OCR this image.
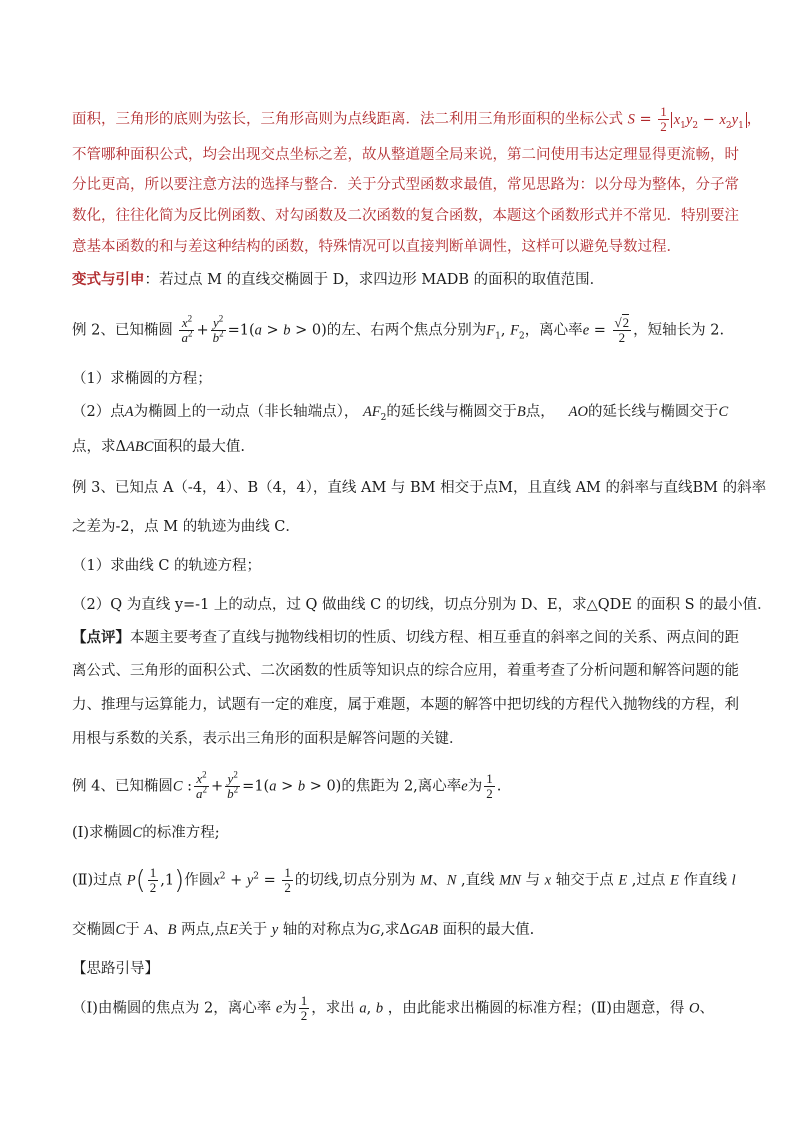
面积，三角形的底则为弦长，三角形高则为点线距离．法二利用三角形面积的坐标公式 $S = \frac{1}{2} x_1y_2 - x_2y_1$ ，
不管哪种面积公式，均会出现交点坐标之差，故从整道题全局来说，第二问使用韦达定理显得更流畅，时
分比更高，所以要注意方法的选择与整合．关于分式型函数求最值，常见思路为：以分母为整体，分子常
数化，往往化简为反比例函数、对勾函数及二次函数的复合函数，本题这个函数形式并不常见．特别要注
意基本函数的和与差这种结构的函数，特殊情况可以直接判断单调性，这样可以避免导数过程．
变式与引申：若过点 M 的直线交椭圆于 D，求四边形 MADB 的面积的取值范围．
例 2、已知椭圆 $\frac{x^2}{a^2} + \frac{y^2}{b^2} =1(a > b > 0)$的左、右两个焦点分别为$F_1$, $F_2$，离心率$e = \frac{√2}{2}$ ，短轴长为 2.
（1）求椭圆的方程；
（2）点A为椭圆上的一动点（非长轴端点）， $AF_2$的延长线与椭圆交于B点， AO的延长线与椭圆交于C
点，求ΔABC面积的最大值.
例 3、已知点 A（-4，4）、B（4，4），直线 AM 与 BM 相交于点M，且直线 AM 的斜率与直线BM 的斜率
之差为-2，点 M 的轨迹为曲线 C．
（1）求曲线 C 的轨迹方程；
（2）Q 为直线 y=-1 上的动点，过 Q 做曲线 C 的切线，切点分别为 D、E，求△QDE 的面积 S 的最小值．
【点评】本题主要考查了直线与抛物线相切的性质、切线方程、相互垂直的斜率之间的关系、两点间的距
离公式、三角形的面积公式、二次函数的性质等知识点的综合应用，着重考查了分析问题和解答问题的能
力、推理与运算能力，试题有一定的难度，属于难题，本题的解答中把切线的方程代入抛物线的方程，利
用根与系数的关系，表示出三角形的面积是解答问题的关键．
例 4、已知椭圆C : $\frac{x^2}{a^2} + \frac{y^2}{b^2} =1(a > b > 0)$的焦距为 2,离心率e为 $\frac{1}{2}$ .
(Ⅰ)求椭圆C的标准方程;
(Ⅱ)过点 $P( \frac{1}{2} ,1)$作圆$x^2 + y^2 = \frac{1}{2}$ 的切线,切点分别为 M、N ,直线 MN 与 x 轴交于点 E ,过点 E 作直线 l
交椭圆C于 A、B 两点,点E关于 y 轴的对称点为G,求ΔGAB 面积的最大值.
【思路引导】
（Ⅰ)由椭圆的焦点为 2，离心率 e为 $\frac{1}{2}$ ，求出 a, b ，由此能求出椭圆的标准方程；(Ⅱ)由题意，得 O、
